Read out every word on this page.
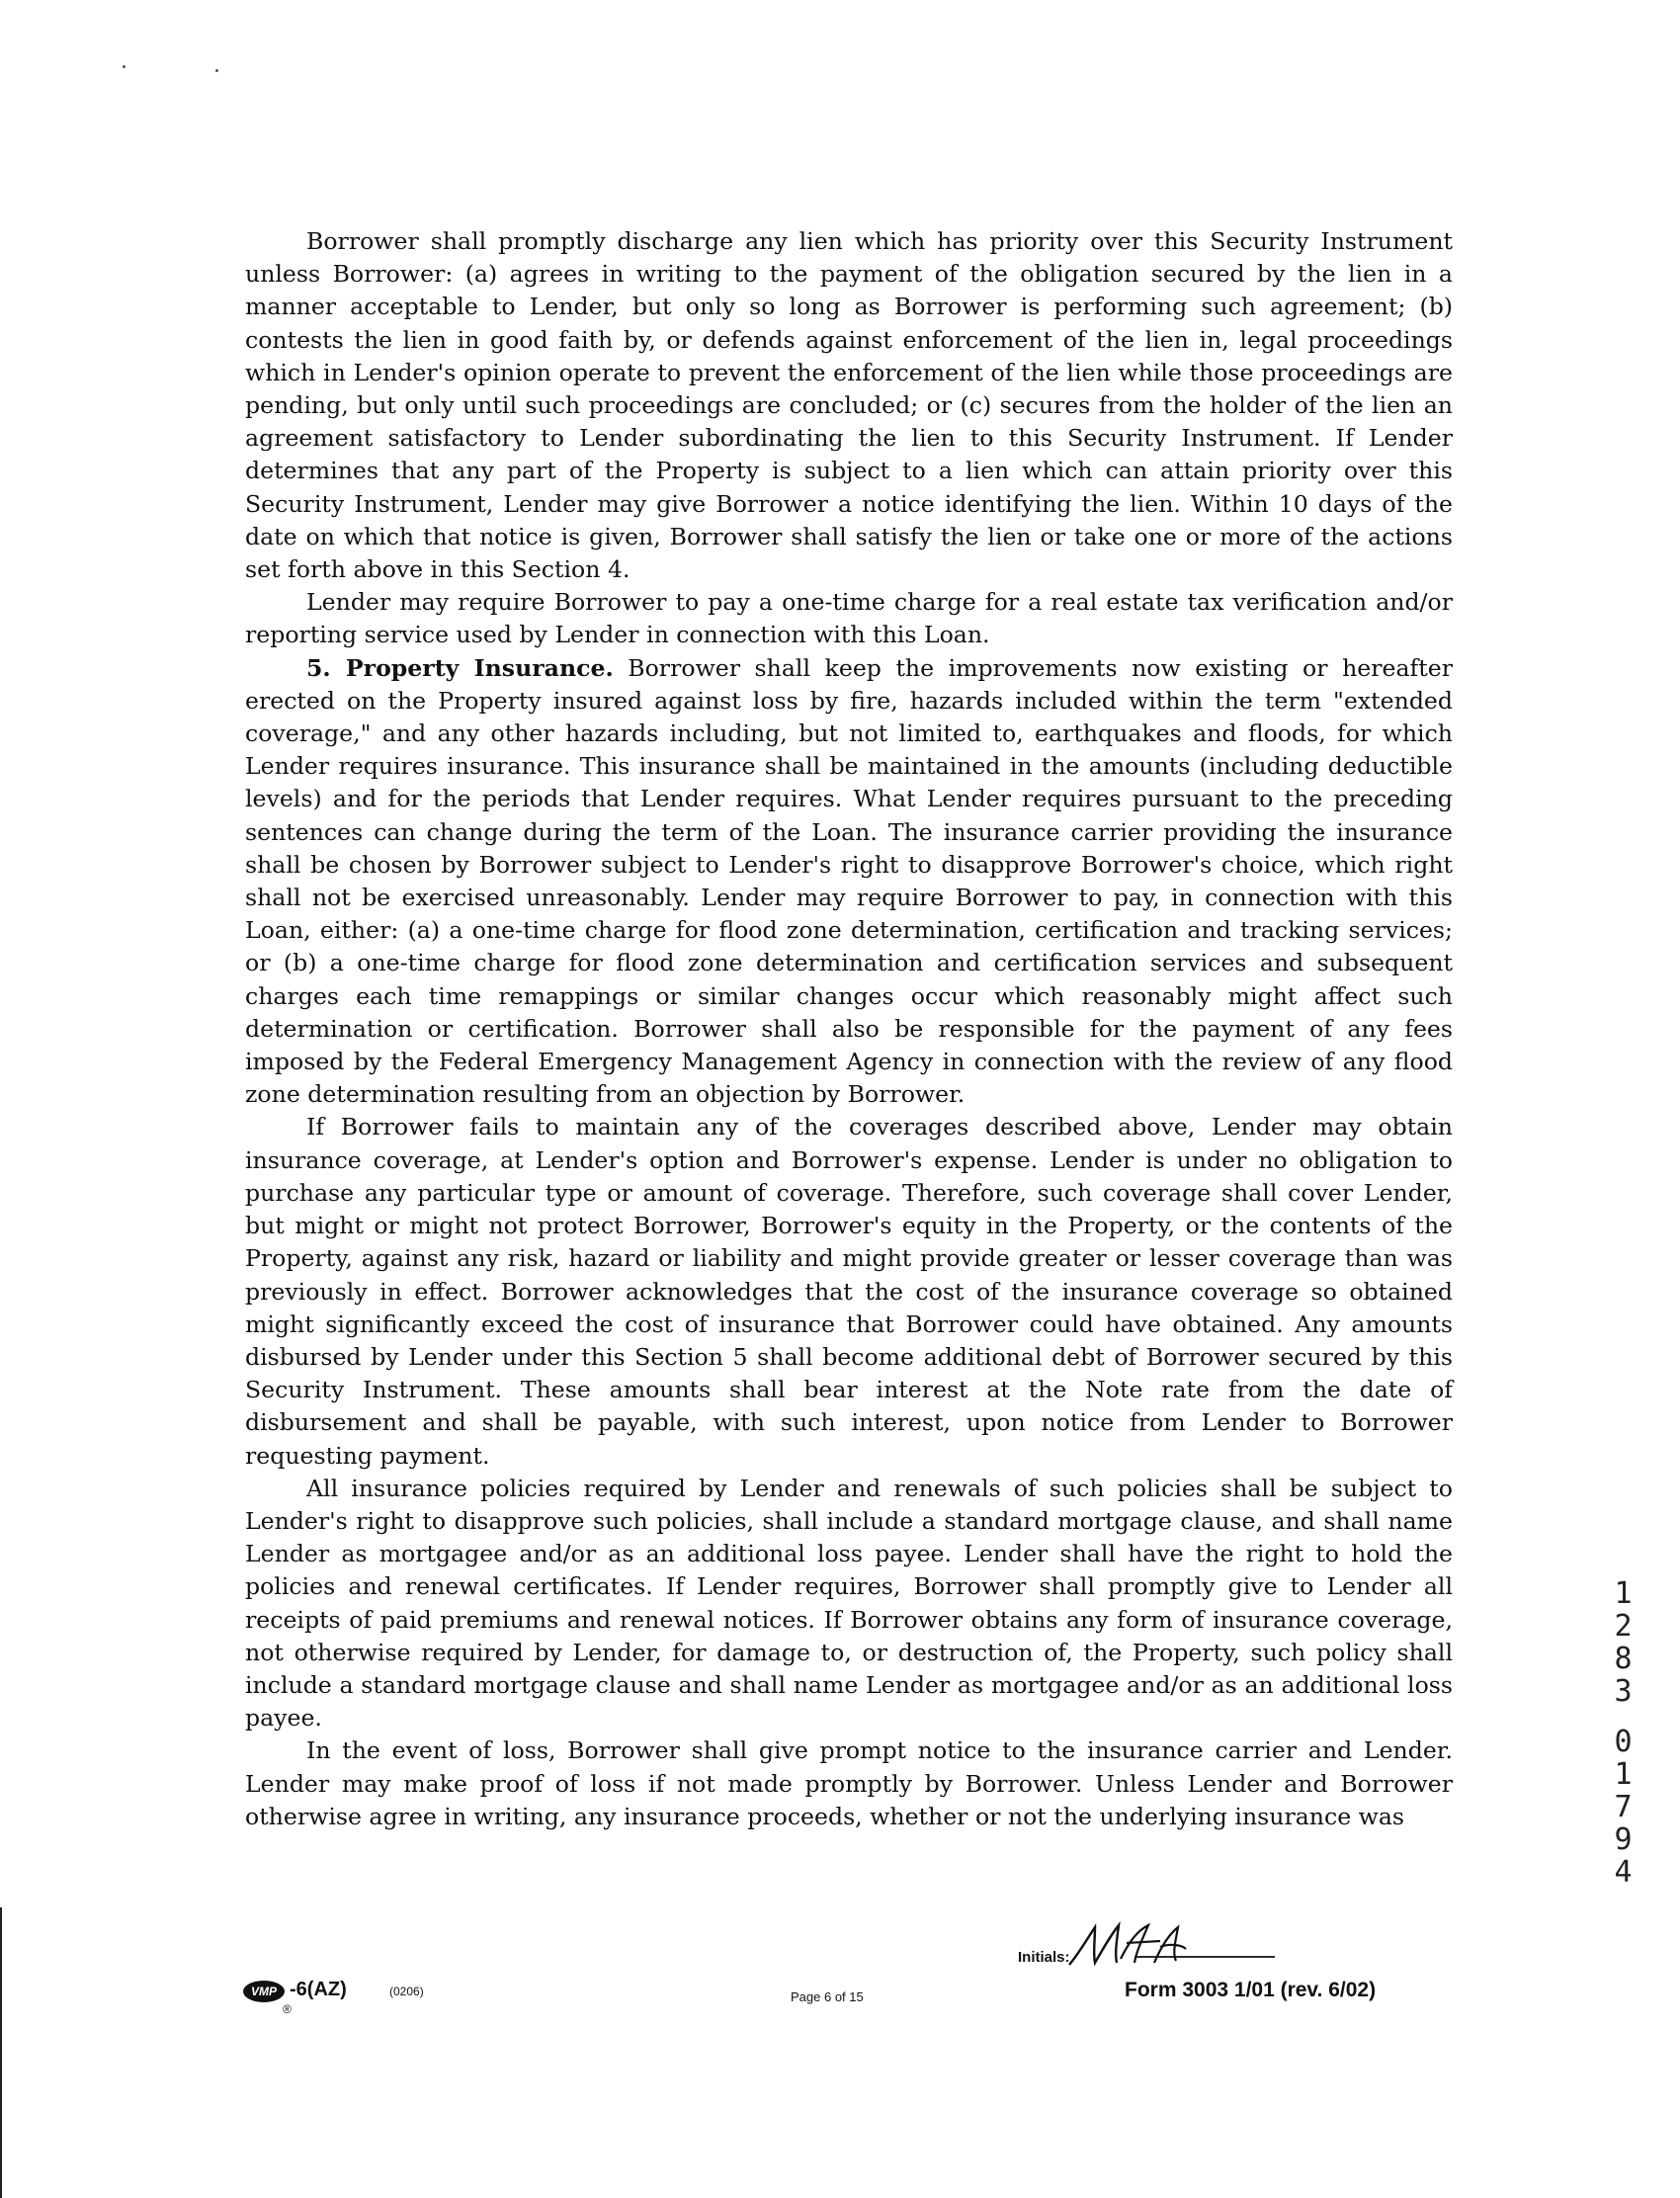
Borrower shall promptly discharge any lien which has priority over this Security Instrument unless Borrower: (a) agrees in writing to the payment of the obligation secured by the lien in a manner acceptable to Lender, but only so long as Borrower is performing such agreement; (b) contests the lien in good faith by, or defends against enforcement of the lien in, legal proceedings which in Lender's opinion operate to prevent the enforcement of the lien while those proceedings are pending, but only until such proceedings are concluded; or (c) secures from the holder of the lien an agreement satisfactory to Lender subordinating the lien to this Security Instrument. If Lender determines that any part of the Property is subject to a lien which can attain priority over this Security Instrument, Lender may give Borrower a notice identifying the lien. Within 10 days of the date on which that notice is given, Borrower shall satisfy the lien or take one or more of the actions set forth above in this Section 4.

Lender may require Borrower to pay a one-time charge for a real estate tax verification and/or reporting service used by Lender in connection with this Loan.

5. Property Insurance. Borrower shall keep the improvements now existing or hereafter erected on the Property insured against loss by fire, hazards included within the term "extended coverage," and any other hazards including, but not limited to, earthquakes and floods, for which Lender requires insurance. This insurance shall be maintained in the amounts (including deductible levels) and for the periods that Lender requires. What Lender requires pursuant to the preceding sentences can change during the term of the Loan. The insurance carrier providing the insurance shall be chosen by Borrower subject to Lender's right to disapprove Borrower's choice, which right shall not be exercised unreasonably. Lender may require Borrower to pay, in connection with this Loan, either: (a) a one-time charge for flood zone determination, certification and tracking services; or (b) a one-time charge for flood zone determination and certification services and subsequent charges each time remappings or similar changes occur which reasonably might affect such determination or certification. Borrower shall also be responsible for the payment of any fees imposed by the Federal Emergency Management Agency in connection with the review of any flood zone determination resulting from an objection by Borrower.

If Borrower fails to maintain any of the coverages described above, Lender may obtain insurance coverage, at Lender's option and Borrower's expense. Lender is under no obligation to purchase any particular type or amount of coverage. Therefore, such coverage shall cover Lender, but might or might not protect Borrower, Borrower's equity in the Property, or the contents of the Property, against any risk, hazard or liability and might provide greater or lesser coverage than was previously in effect. Borrower acknowledges that the cost of the insurance coverage so obtained might significantly exceed the cost of insurance that Borrower could have obtained. Any amounts disbursed by Lender under this Section 5 shall become additional debt of Borrower secured by this Security Instrument. These amounts shall bear interest at the Note rate from the date of disbursement and shall be payable, with such interest, upon notice from Lender to Borrower requesting payment.

All insurance policies required by Lender and renewals of such policies shall be subject to Lender's right to disapprove such policies, shall include a standard mortgage clause, and shall name Lender as mortgagee and/or as an additional loss payee. Lender shall have the right to hold the policies and renewal certificates. If Lender requires, Borrower shall promptly give to Lender all receipts of paid premiums and renewal notices. If Borrower obtains any form of insurance coverage, not otherwise required by Lender, for damage to, or destruction of, the Property, such policy shall include a standard mortgage clause and shall name Lender as mortgagee and/or as an additional loss payee.

In the event of loss, Borrower shall give prompt notice to the insurance carrier and Lender. Lender may make proof of loss if not made promptly by Borrower. Unless Lender and Borrower otherwise agree in writing, any insurance proceeds, whether or not the underlying insurance was

1283
01794
VMP
®
-6(AZ)	(0206)	Page 6 of 15
Initials:
Form 3003 1/01 (rev. 6/02)
